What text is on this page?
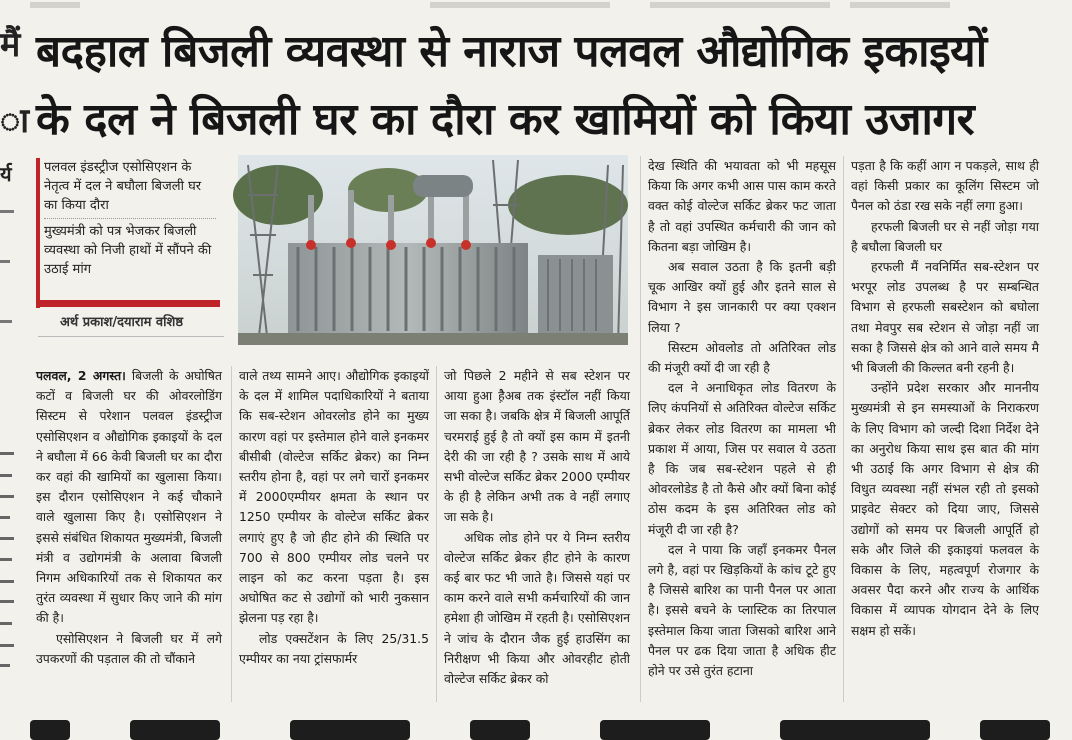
मैं
ा
र्य
बदहाल बिजली व्यवस्था से नाराज पलवल औद्योगिक इकाइयों
के दल ने बिजली घर का दौरा कर खामियों को किया उजागर

पलवल इंडस्ट्रीज एसोसिएशन के नेतृत्व में दल ने बघौला बिजली घर का किया दौरा

मुख्यमंत्री को पत्र भेजकर बिजली व्यवस्था को निजी हाथों में सौंपने की उठाई मांग

अर्थ प्रकाश/दयाराम वशिष्ठ

पलवल, 2 अगस्त। बिजली के अघोषित कटों व बिजली घर की ओवरलोडिंग सिस्टम से परेशान पलवल इंडस्ट्रीज एसोसिएशन व औद्योगिक इकाइयों के दल ने बघौला में 66 केवी बिजली घर का दौरा कर वहां की खामियों का खुलासा किया। इस दौरान एसोसिएशन ने कई चौकाने वाले खुलासा किए है। एसोसिएशन ने इससे संबंधित शिकायत मुख्यमंत्री, बिजली मंत्री व उद्योगमंत्री के अलावा बिजली निगम अधिकारियों तक से शिकायत कर तुरंत व्यवस्था में सुधार किए जाने की मांग की है।

एसोसिएशन ने बिजली घर में लगे उपकरणों की पड़ताल की तो चौंकाने

वाले तथ्य सामने आए। औद्योगिक इकाइयों के दल में शामिल पदाधिकारियों ने बताया कि सब-स्टेशन ओवरलोड होने का मुख्य कारण वहां पर इस्तेमाल होने वाले इनकमर बीसीबी (वोल्टेज सर्किट ब्रेकर) का निम्न स्तरीय होना है, वहां पर लगे चारों इनकमर में 2000एम्पीयर क्षमता के स्थान पर 1250 एम्पीयर के वोल्टेज सर्किट ब्रेकर लगाएं हुए है जो हीट होने की स्थिति पर 700 से 800 एम्पीयर लोड चलने पर लाइन को कट करना पड़ता है। इस अघोषित कट से उद्योगों को भारी नुकसान झेलना पड़ रहा है।

लोड एक्सटेंशन के लिए 25/31.5 एम्पीयर का नया ट्रांसफार्मर

जो पिछले 2 महीने से सब स्टेशन पर आया हुआ है़ैअब तक इंस्टॉल नहीं किया जा सका है। जबकि क्षेत्र में बिजली आपूर्ति चरमराई हुई है तो क्यों इस काम में इतनी देरी की जा रही है ? उसके साथ में आये सभी वोल्टेज सर्किट ब्रेकर 2000 एम्पीयर के ही है लेकिन अभी तक वे नहीं लगाए जा सके है।

अधिक लोड होने पर ये निम्न स्तरीय वोल्टेज सर्किट ब्रेकर हीट होने के कारण कई बार फट भी जाते है। जिससे यहां पर काम करने वाले सभी कर्मचारियों की जान हमेशा ही जोखिम में रहती है। एसोसिएशन ने जांच के दौरान जैक हुई हाउसिंग का निरीक्षण भी किया और ओवरहीट होती वोल्टेज सर्किट ब्रेकर को

देख स्थिति की भयावता को भी महसूस किया कि अगर कभी आस पास काम करते वक्त कोई वोल्टेज सर्किट ब्रेकर फट जाता है तो वहां उपस्थित कर्मचारी की जान को कितना बड़ा जोखिम है।

अब सवाल उठता है कि इतनी बड़ी चूक आखिर क्यों हुई और इतने साल से विभाग ने इस जानकारी पर क्या एक्शन लिया ?

सिस्टम ओवलोड तो अतिरिक्त लोड की मंजूरी क्यों दी जा रही है

दल ने अनाधिकृत लोड वितरण के लिए कंपनियों से अतिरिक्त वोल्टेज सर्किट ब्रेकर लेकर लोड वितरण का मामला भी प्रकाश में आया, जिस पर सवाल ये उठता है कि जब सब-स्टेशन पहले से ही ओवरलोडेड है तो कैसे और क्यों बिना कोई ठोस कदम के इस अतिरिक्त लोड को मंजूरी दी जा रही है?

दल ने पाया कि जहाँ इनकमर पैनल लगे है, वहां पर खिड़कियों के कांच टूटे हुए है जिससे बारिश का पानी पैनल पर आता है। इससे बचने के प्लास्टिक का तिरपाल इस्तेमाल किया जाता जिसको बारिश आने पैनल पर ढक दिया जाता है अधिक हीट होने पर उसे तुरंत हटाना

पड़ता है कि कहीं आग न पकड़ले, साथ ही वहां किसी प्रकार का कूलिंग सिस्टम जो पैनल को ठंडा रख सके नहीं लगा हुआ।

हरफली बिजली घर से नहीं जोड़ा गया है बघौला बिजली घर

हरफली मैं नवनिर्मित सब-स्टेशन पर भरपूर लोड उपलब्ध है पर सम्बन्धित विभाग से हरफली सबस्टेशन को बघोला तथा मेवपुर सब स्टेशन से जोड़ा नहीं जा सका है जिससे क्षेत्र को आने वाले समय मै भी बिजली की किल्लत बनी रहनी है।

उन्होंने प्रदेश सरकार और माननीय मुख्यमंत्री से इन समस्याओं के निराकरण के लिए विभाग को जल्दी दिशा निर्देश देने का अनुरोध किया साथ इस बात की मांग भी उठाई कि अगर विभाग से क्षेत्र की विधुत व्यवस्था नहीं संभल रही तो इसको प्राइवेट सेक्टर को दिया जाए, जिससे उद्योगों को समय पर बिजली आपूर्ति हो सके और जिले की इकाइयां फलवल के विकास के लिए, महत्वपूर्ण रोजगार के अवसर पैदा करने और राज्य के आर्थिक विकास में व्यापक योगदान देने के लिए सक्षम हो सकें।
